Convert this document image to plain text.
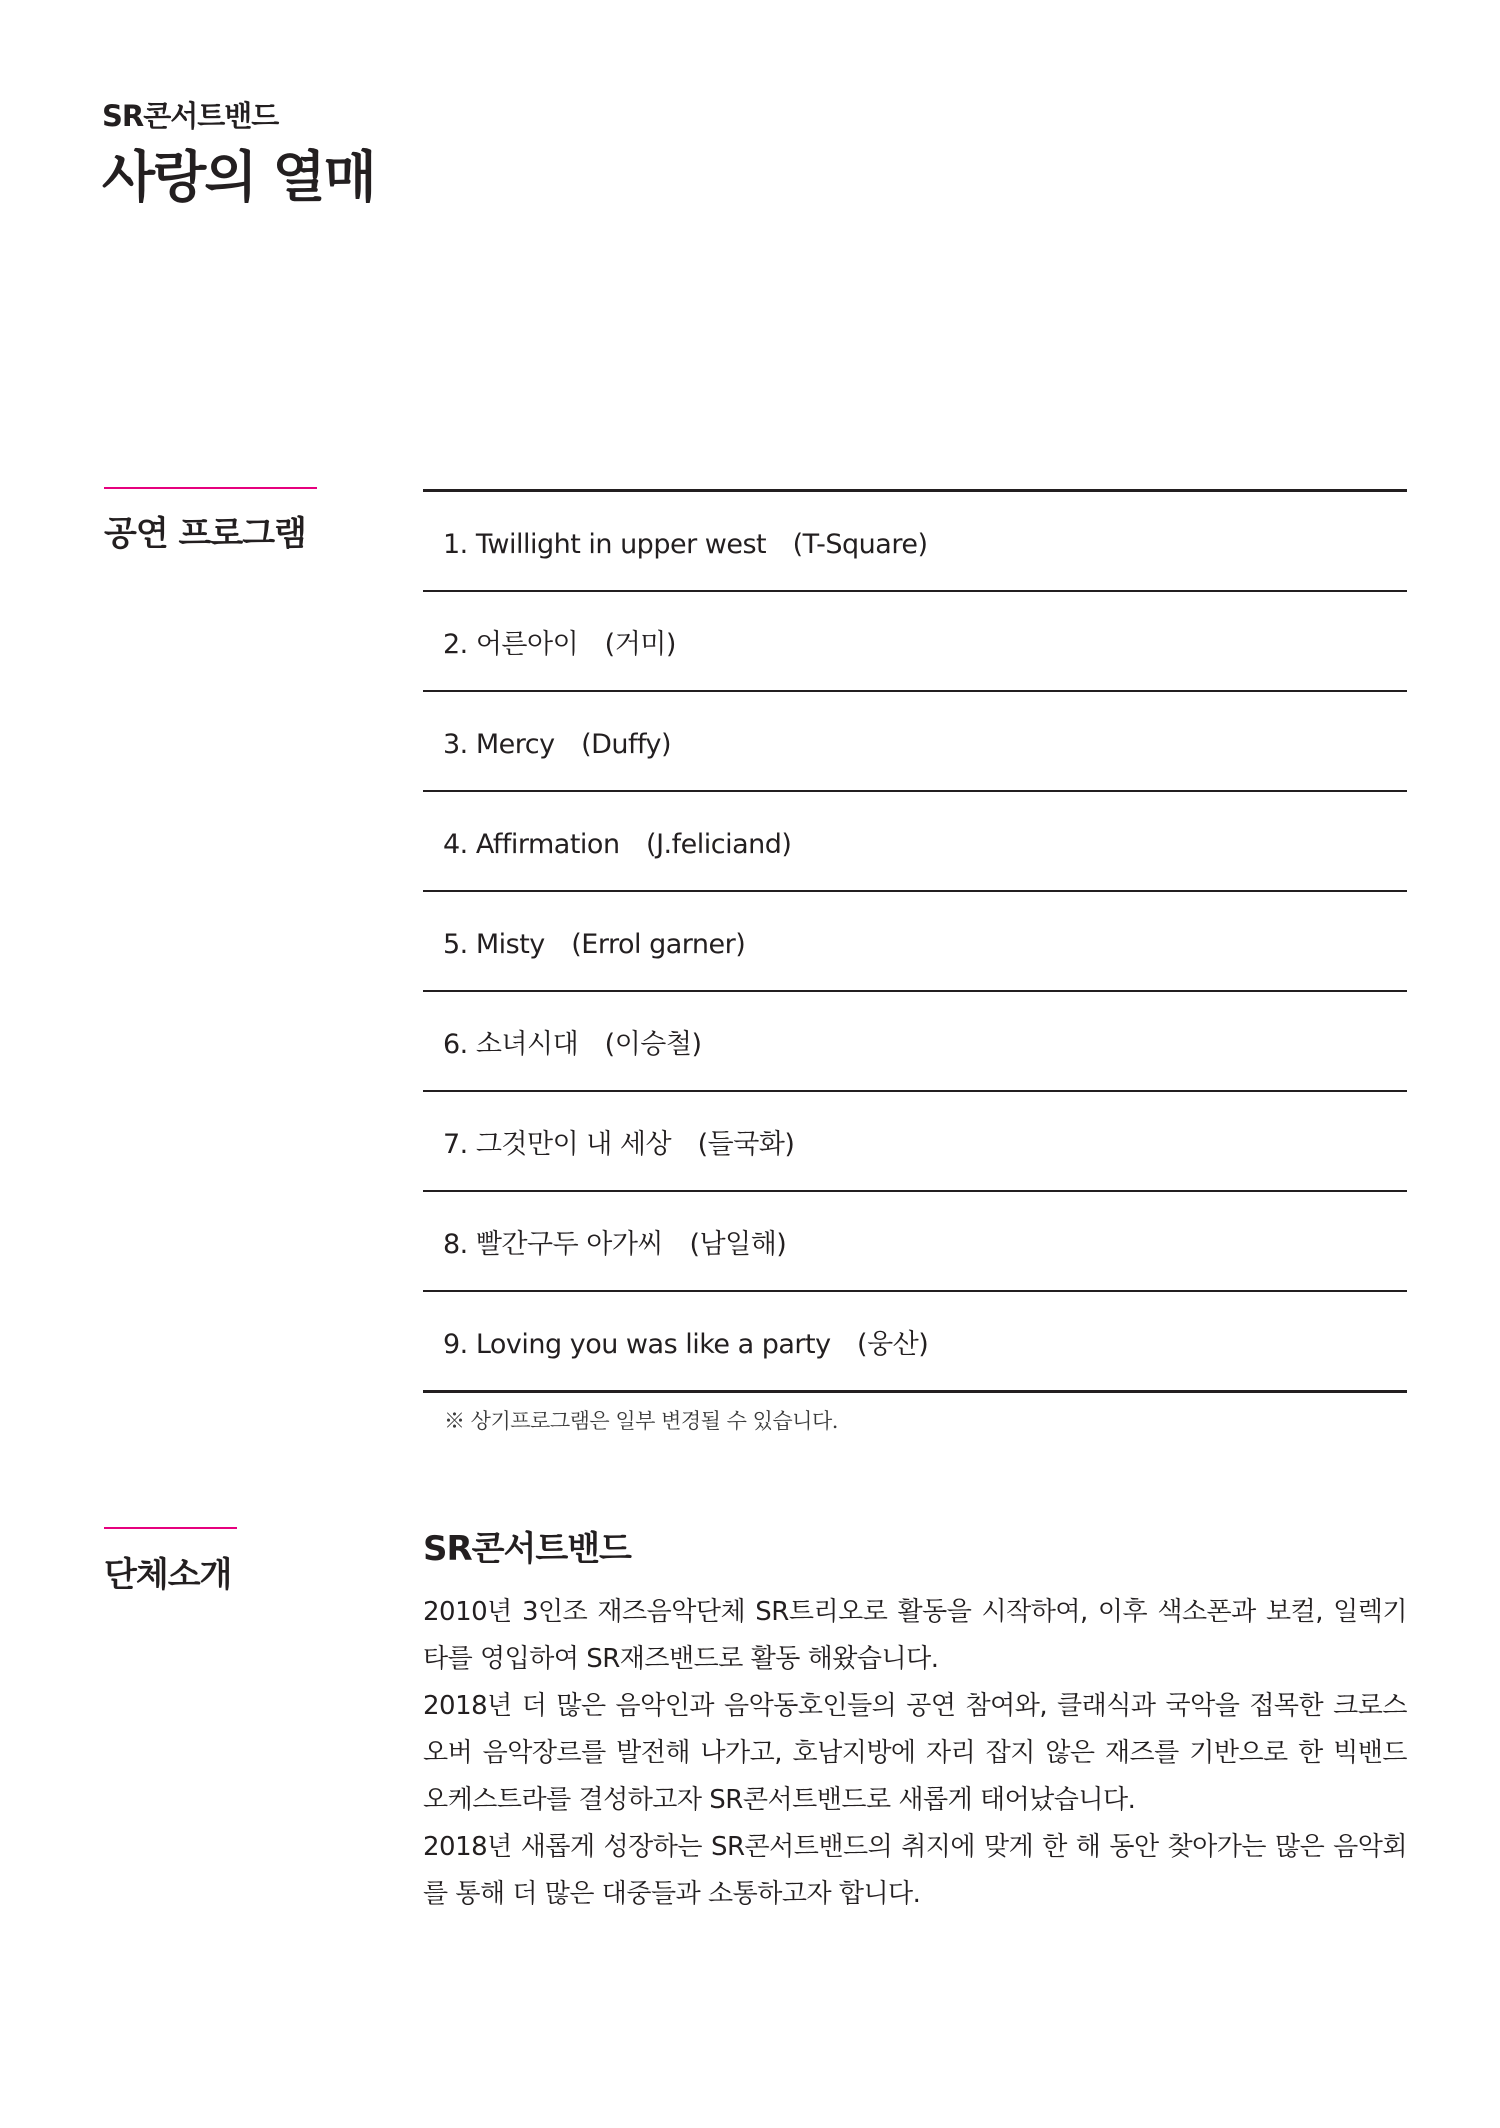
SR콘서트밴드
사랑의 열매
공연 프로그램	1. Twillight in upper west　(T-Square)
2. 어른아이　(거미)
3. Mercy　(Duffy)
4. Affirmation　(J.feliciand)
5. Misty　(Errol garner)
6. 소녀시대　(이승철)
7. 그것만이 내 세상　(들국화)
8. 빨간구두 아가씨　(남일해)
9. Loving you was like a party　(웅산)
※ 상기프로그램은 일부 변경될 수 있습니다.
단체소개
SR콘서트밴드

2010년 3인조 재즈음악단체 SR트리오로 활동을 시작하여, 이후 색소폰과 보컬, 일렉기타를 영입하여 SR재즈밴드로 활동 해왔습니다.

2018년 더 많은 음악인과 음악동호인들의 공연 참여와, 클래식과 국악을 접목한 크로스오버 음악장르를 발전해 나가고, 호남지방에 자리 잡지 않은 재즈를 기반으로 한 빅밴드 오케스트라를 결성하고자 SR콘서트밴드로 새롭게 태어났습니다.

2018년 새롭게 성장하는 SR콘서트밴드의 취지에 맞게 한 해 동안 찾아가는 많은 음악회를 통해 더 많은 대중들과 소통하고자 합니다.
